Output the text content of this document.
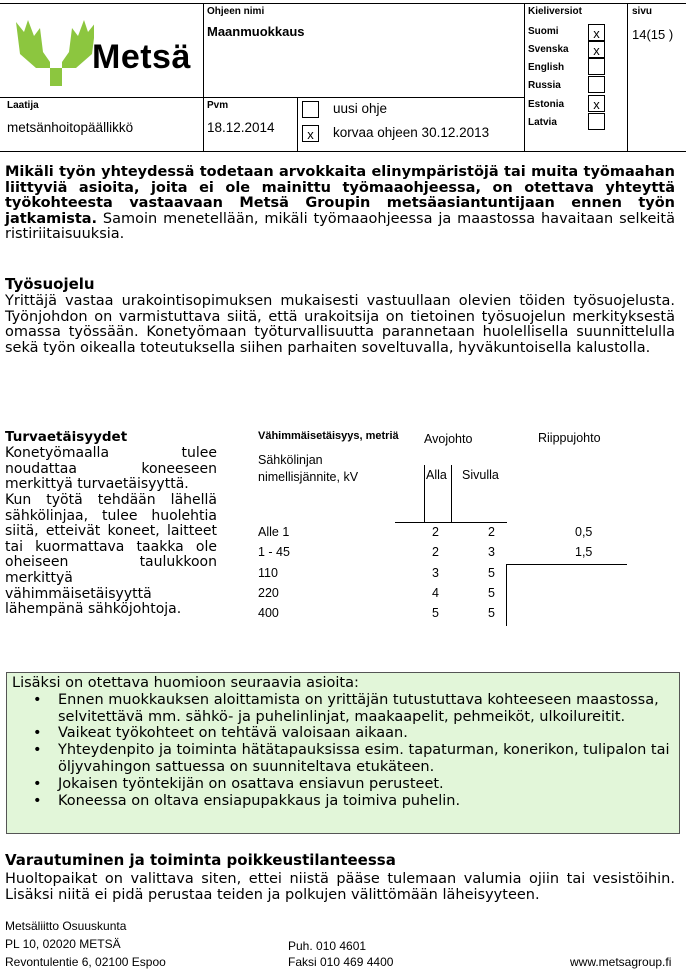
Metsä
Ohjeen nimi
Maanmuokkaus
Kieliversiot
Suomi	x
Svenska	x
English
Russia
Estonia	x
Latvia
sivu
14(15 )
Laatija
metsänhoitopäällikkö
Pvm
18.12.2014
uusi ohje
x	korvaa ohjeen 30.12.2013
Mikäli työn yhteydessä todetaan arvokkaita elinympäristöjä tai muita työmaahan liittyviä asioita, joita ei ole mainittu työmaaohjeessa, on otettava yhteyttä työkohteesta vastaavaan Metsä Groupin metsäasiantuntijaan ennen työn jatkamista. Samoin menetellään, mikäli työmaaohjeessa ja maastossa havaitaan selkeitä ristiriitaisuuksia.
Työsuojelu
Yrittäjä vastaa urakointisopimuksen mukaisesti vastuullaan olevien töiden työsuojelusta. Työnjohdon on varmistuttava siitä, että urakoitsija on tietoinen työsuojelun merkityksestä omassa työssään. Konetyömaan työturvallisuutta parannetaan huolellisella suunnittelulla sekä työn oikealla toteutuksella siihen parhaiten soveltuvalla, hyväkuntoisella kalustolla.
Turvaetäisyydet
Konetyömaalla tulee noudattaa koneeseen merkittyä turvaetäisyyttä.
Kun työtä tehdään lähellä sähkölinjaa, tulee huolehtia siitä, etteivät koneet, laitteet tai kuormattava taakka ole oheiseen taulukkoon merkittyä vähimmäisetäisyyttä lähempänä sähköjohtoja.
Vähimmäisetäisyys, metriä Avojohto	Riippujohto
Sähkölinjan nimellisjännite, kV	Alla Sivulla
Alle 1	2	2	0,5
1 - 45	2	3	1,5
110	3	5
220	4	5
400	5	5
Lisäksi on otettava huomioon seuraavia asioita:
• Ennen muokkauksen aloittamista on yrittäjän tutustuttava kohteeseen maastossa, selvitettävä mm. sähkö- ja puhelinlinjat, maakaapelit, pehmeiköt, ulkoilureitit.
• Vaikeat työkohteet on tehtävä valoisaan aikaan.
• Yhteydenpito ja toiminta hätätapauksissa esim. tapaturman, konerikon, tulipalon tai öljyvahingon sattuessa on suunniteltava etukäteen.
• Jokaisen työntekijän on osattava ensiavun perusteet.
• Koneessa on oltava ensiapupakkaus ja toimiva puhelin.
Varautuminen ja toiminta poikkeustilanteessa
Huoltopaikat on valittava siten, ettei niistä pääse tulemaan valumia ojiin tai vesistöihin. Lisäksi niitä ei pidä perustaa teiden ja polkujen välittömään läheisyyteen.
Metsäliitto Osuuskunta
PL 10, 02020 METSÄ
Revontulentie 6, 02100 Espoo
Puh. 010 4601
Faksi 010 469 4400	www.metsagroup.fi
